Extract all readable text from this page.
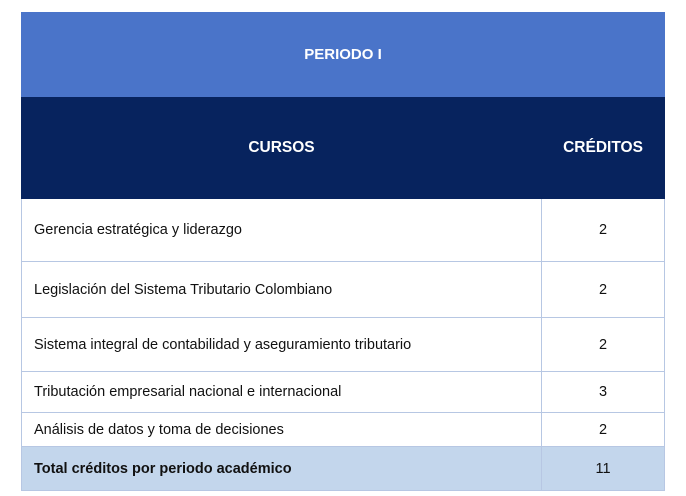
PERIODO I	
CURSOS	CRÉDITOS
Gerencia estratégica y liderazgo	2
Legislación del Sistema Tributario Colombiano	2
Sistema integral de contabilidad y aseguramiento tributario	2
Tributación empresarial nacional e internacional	3
Análisis de datos y toma de decisiones	2
Total créditos por periodo académico	11
